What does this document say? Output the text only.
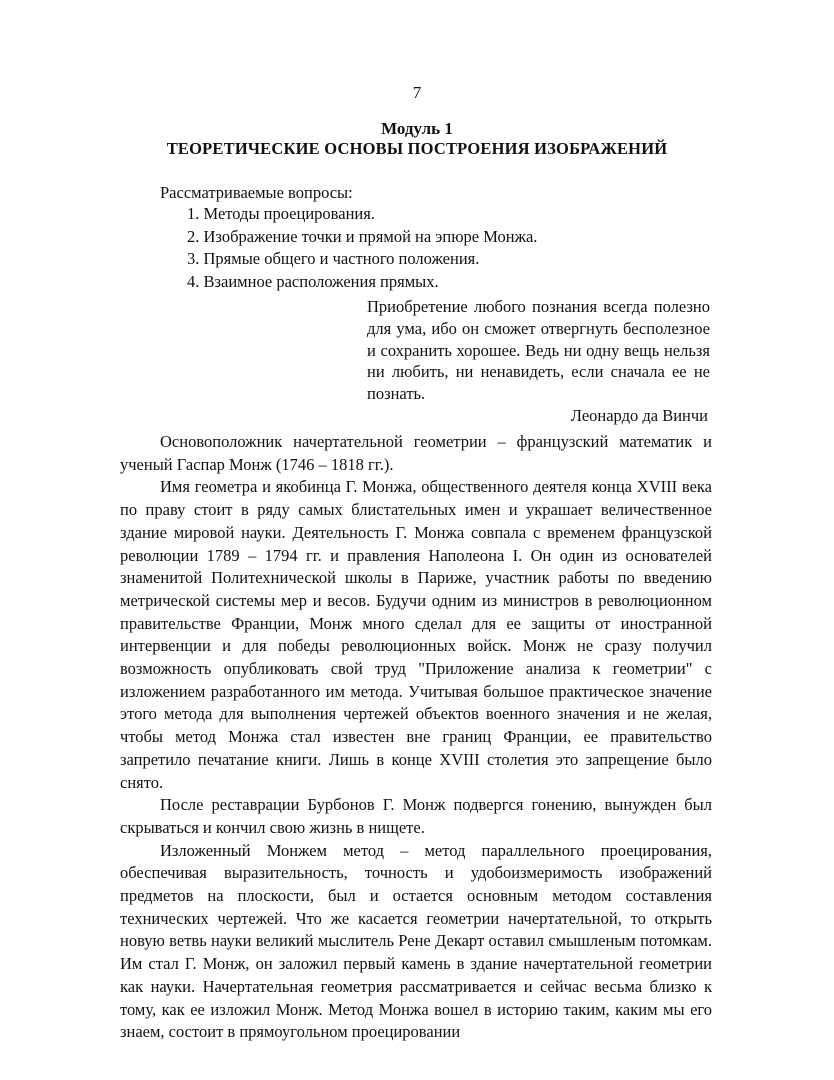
7
Модуль 1
ТЕОРЕТИЧЕСКИЕ ОСНОВЫ ПОСТРОЕНИЯ ИЗОБРАЖЕНИЙ
Рассматриваемые вопросы:
1. Методы проецирования.
2. Изображение точки и прямой на эпюре Монжа.
3. Прямые общего и частного положения.
4. Взаимное расположения прямых.

Приобретение любого познания всегда полезно для ума, ибо он сможет отвергнуть бесполезное и сохранить хорошее. Ведь ни одну вещь нельзя ни любить, ни ненавидеть, если сначала ее не познать.

Леонардо да Винчи

Основоположник начертательной геометрии – французский математик и ученый Гаспар Монж (1746 – 1818 гг.).

Имя геометра и якобинца Г. Монжа, общественного деятеля конца XVIII века по праву стоит в ряду самых блистательных имен и украшает величественное здание мировой науки. Деятельность Г. Монжа совпала с временем французской революции 1789 – 1794 гг. и правления Наполеона I. Он один из основателей знаменитой Политехнической школы в Париже, участник работы по введению метрической системы мер и весов. Будучи одним из министров в революционном правительстве Франции, Монж много сделал для ее защиты от иностранной интервенции и для победы революционных войск. Монж не сразу получил возможность опубликовать свой труд "Приложение анализа к геометрии" с изложением разработанного им метода. Учитывая большое практическое значение этого метода для выполнения чертежей объектов военного значения и не желая, чтобы метод Монжа стал известен вне границ Франции, ее правительство запретило печатание книги. Лишь в конце XVIII столетия это запрещение было снято.

После реставрации Бурбонов Г. Монж подвергся гонению, вынужден был скрываться и кончил свою жизнь в нищете.

Изложенный Монжем метод – метод параллельного проецирования, обеспечивая выразительность, точность и удобоизмеримость изображений предметов на плоскости, был и остается основным методом составления технических чертежей. Что же касается геометрии начертательной, то открыть новую ветвь науки великий мыслитель Рене Декарт оставил смышленым потомкам. Им стал Г. Монж, он заложил первый камень в здание начертательной геометрии как науки. Начертательная геометрия рассматривается и сейчас весьма близко к тому, как ее изложил Монж. Метод Монжа вошел в историю таким, каким мы его знаем, состоит в прямоугольном проецировании
